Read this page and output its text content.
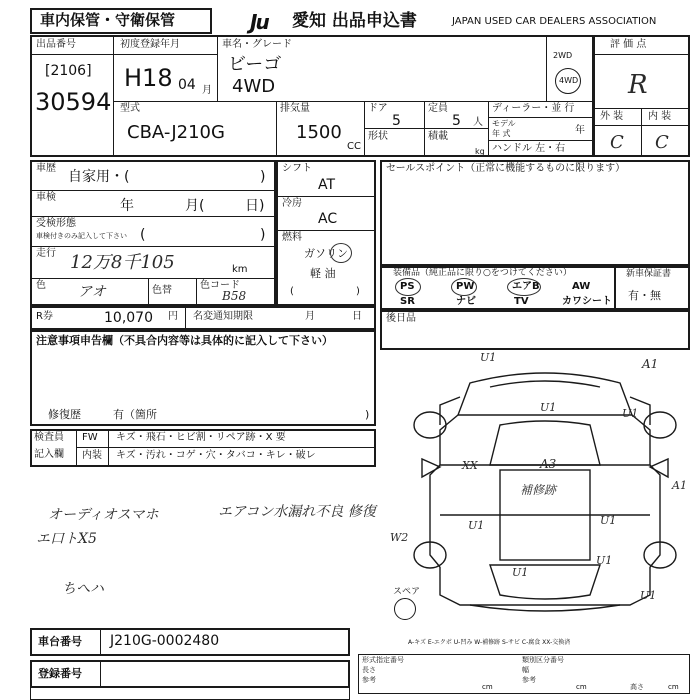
車内保管・守衛保管	Ju 愛知 出品申込書	JAPAN USED CAR DEALERS ASSOCIATION
出品番号
[2106]
30594
初度登録年月
H18 04 月
車名・グレード
ビーゴ
4WD
2WD
4WD
評 価 点
R
外 装 内 装
C C
型式
CBA-J210G
排気量
1500
CC
ドア
5
定員
5 人
形状	積載
kg
ディーラー・並 行
モデル
年 式	年
ハンドル 左・右
車歴
自家用・(	)
車検
年	月(	日)
受検形態
車検付きのみ記入して下さい (	)
走行 12万8千105	km
色 アオ	色替	色コード
B58
R券	10,070 円 名変通知期限	月	日
注意事項申告欄（不具合内容等は具体的に記入して下さい）
修復歴	有（箇所	)
シフト
AT
冷房
AC
燃料
ガソリン
軽 油
(	)
セールスポイント（正常に機能するものに限ります）
装備品（純正品に限り○をつけてください）
PS	PW	エアB	AW
SR	ナビ	TV	カワシート
新車保証書
有・無
後日品
検査員
記入欄
FW キズ・飛石・ヒビ割・リペア跡・X 要
内装 キズ・汚れ・コゲ・穴・タバコ・キレ・破レ
オーディオスマホ	エアコン水漏れ不良 修復
エ口トX5
ちへハ
U1	A1
U1	U1
XX	A3
補修跡	A1
U1
W2
U1
U1
U1
U1
スペア
A-キズ E-エクボ U-凹み W-補修跡 S-サビ C-腐食 XX-交換済
車台番号 J210G-0002480
登録番号
形式指定番号	類別区分番号
長さ	幅
参考	参考
cm	cm	高さ	cm
